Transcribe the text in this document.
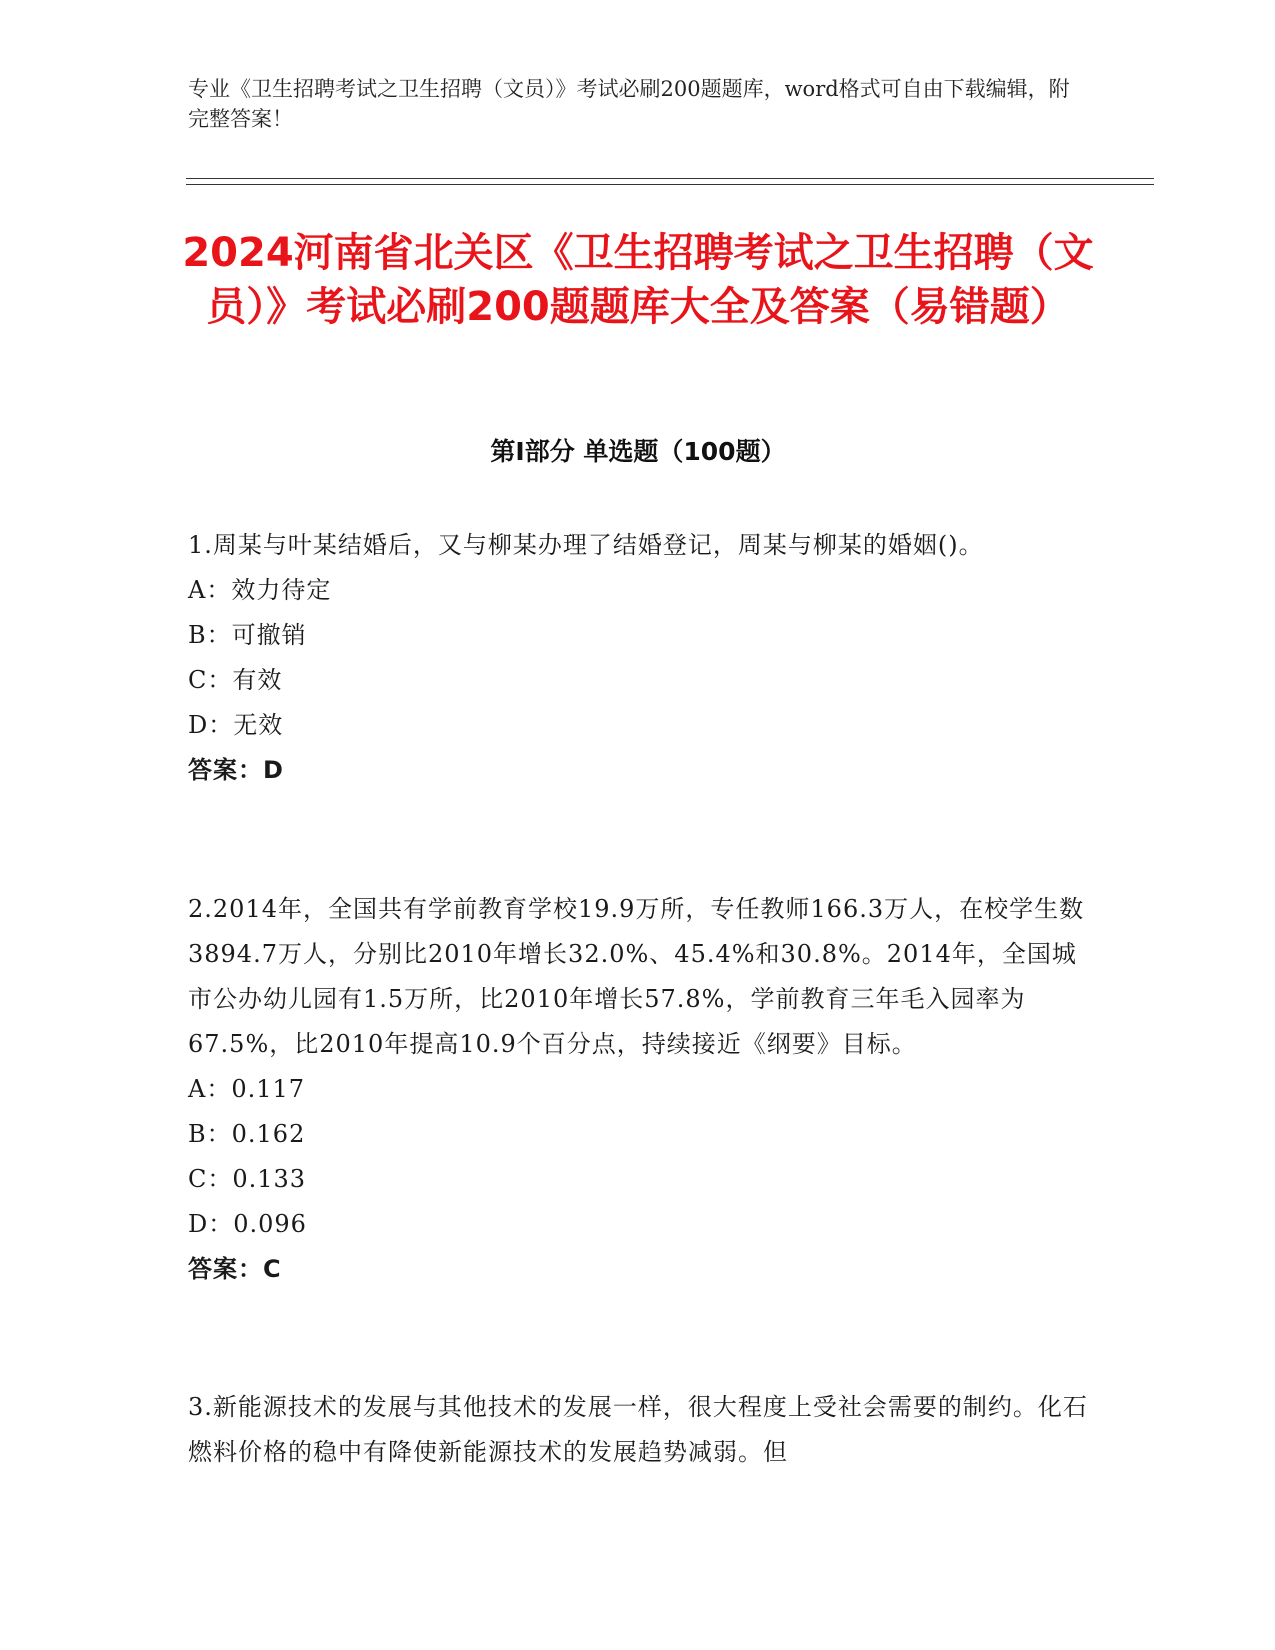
专业《卫生招聘考试之卫生招聘（文员）》考试必刷200题题库，word格式可自由下载编辑，附完整答案！
2024河南省北关区《卫生招聘考试之卫生招聘（文员）》考试必刷200题题库大全及答案（易错题）
第I部分 单选题（100题）

1.周某与叶某结婚后，又与柳某办理了结婚登记，周某与柳某的婚姻()。

A：效力待定

B：可撤销

C：有效

D：无效

答案：D

2.2014年，全国共有学前教育学校19.9万所，专任教师166.3万人，在校学生数3894.7万人，分别比2010年增长32.0%、45.4%和30.8%。2014年，全国城市公办幼儿园有1.5万所，比2010年增长57.8%，学前教育三年毛入园率为67.5%，比2010年提高10.9个百分点，持续接近《纲要》目标。

A：0.117

B：0.162

C：0.133

D：0.096

答案：C

3.新能源技术的发展与其他技术的发展一样，很大程度上受社会需要的制约。化石燃料价格的稳中有降使新能源技术的发展趋势减弱。但
